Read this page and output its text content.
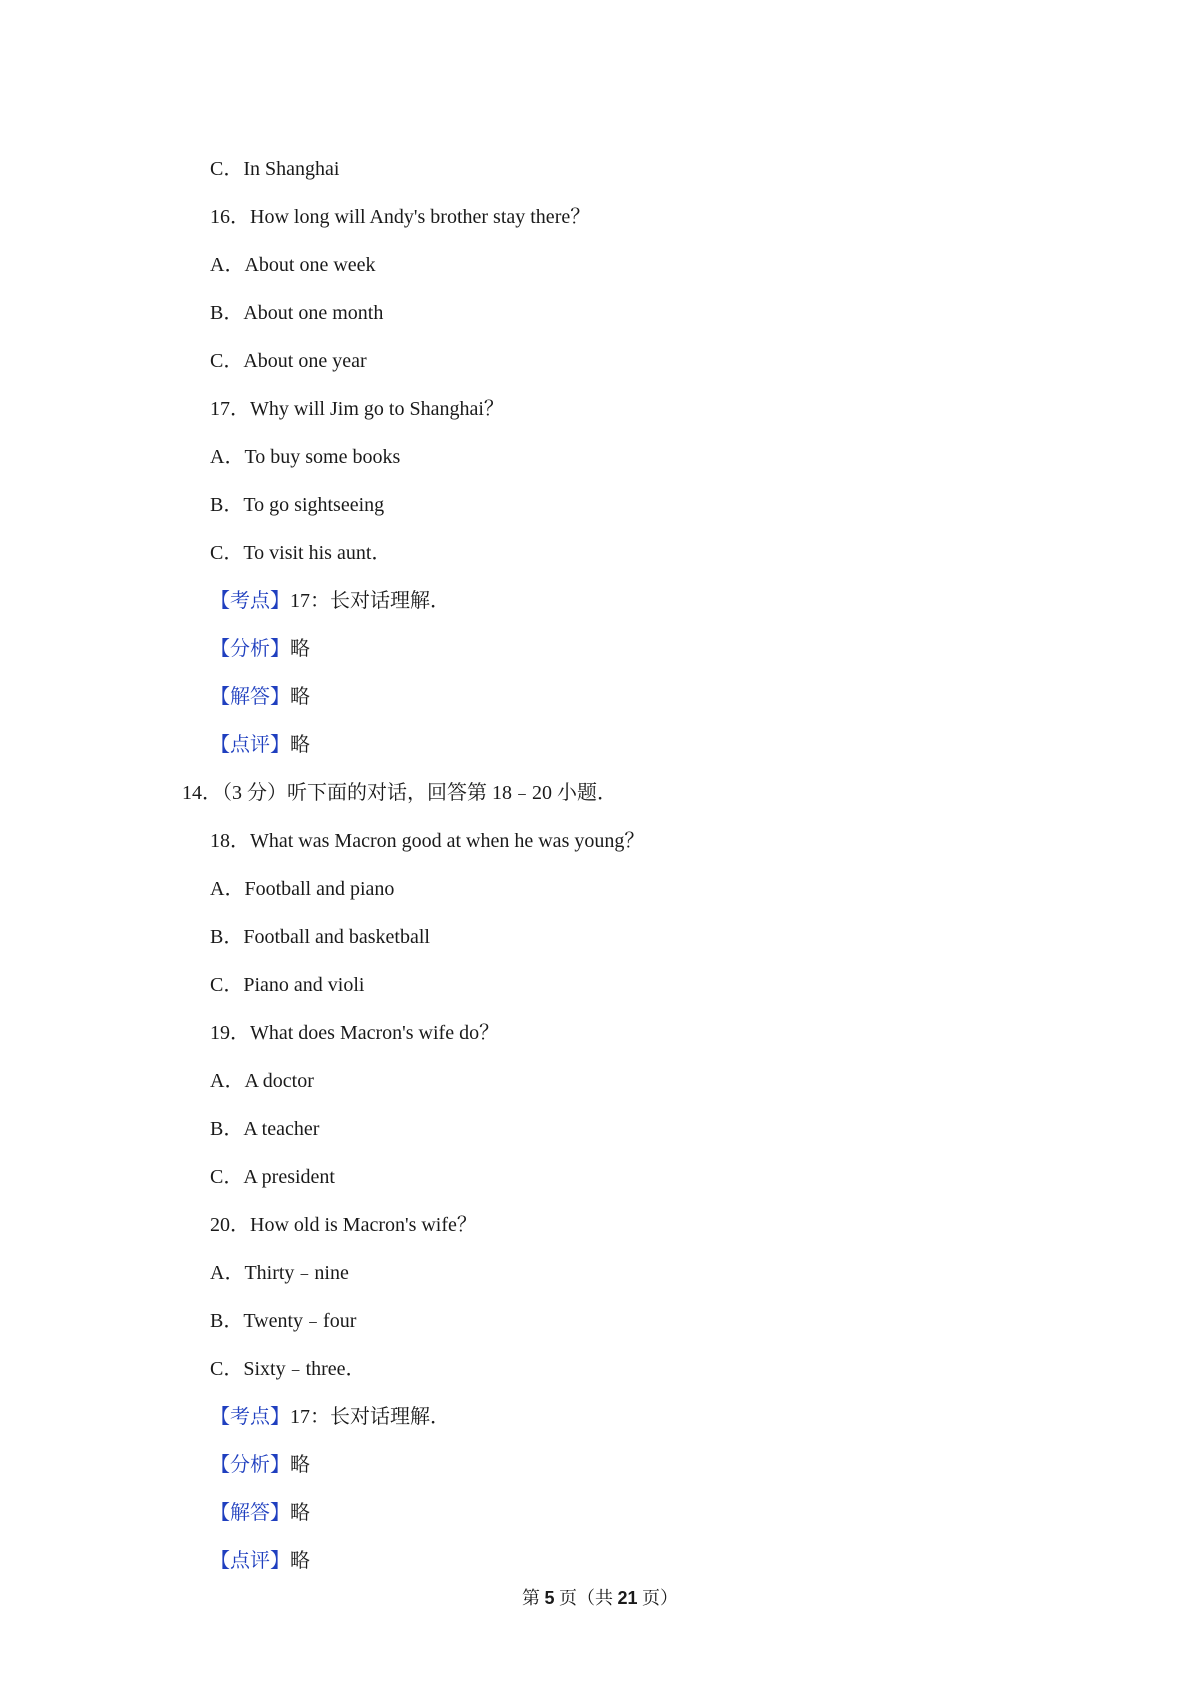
C．In Shanghai
16．How long will Andy's brother stay there？
A．About one week
B．About one month
C．About one year
17．Why will Jim go to Shanghai？
A．To buy some books
B．To go sightseeing
C．To visit his aunt．
【考点】17：长对话理解．
【分析】略
【解答】略
【点评】略
14．（3 分）听下面的对话，回答第 18﹣20 小题．
18．What was Macron good at when he was young？
A．Football and piano
B．Football and basketball
C．Piano and violi
19．What does Macron's wife do？
A．A doctor
B．A teacher
C．A president
20．How old is Macron's wife？
A．Thirty﹣nine
B．Twenty﹣four
C．Sixty﹣three．
【考点】17：长对话理解．
【分析】略
【解答】略
【点评】略
第 5 页（共 21 页）
